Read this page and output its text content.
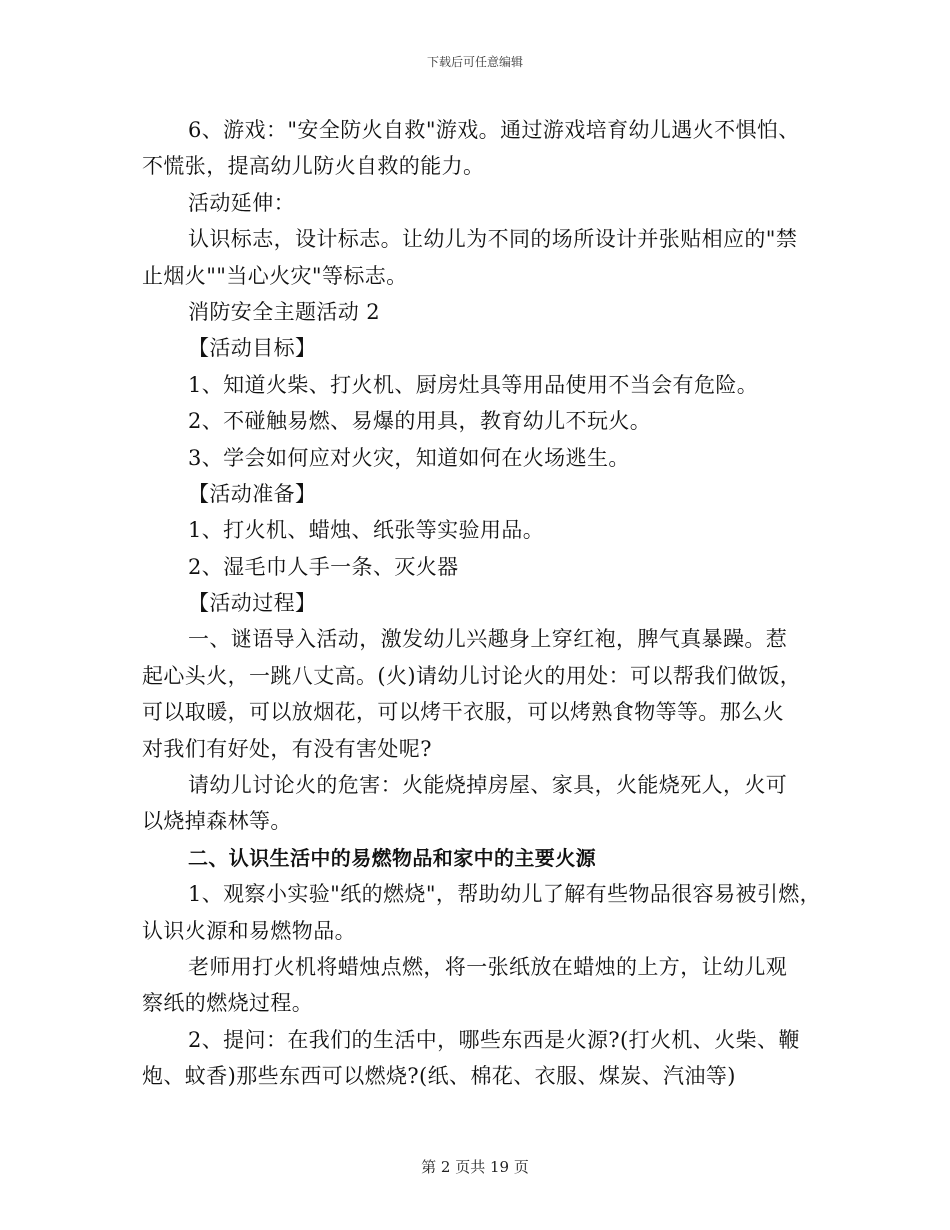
下载后可任意编辑
6、游戏："安全防火自救"游戏。通过游戏培育幼儿遇火不惧怕、
不慌张，提高幼儿防火自救的能力。
活动延伸：
认识标志，设计标志。让幼儿为不同的场所设计并张贴相应的"禁
止烟火""当心火灾"等标志。
消防安全主题活动 2
【活动目标】
1、知道火柴、打火机、厨房灶具等用品使用不当会有危险。
2、不碰触易燃、易爆的用具，教育幼儿不玩火。
3、学会如何应对火灾，知道如何在火场逃生。
【活动准备】
1、打火机、蜡烛、纸张等实验用品。
2、湿毛巾人手一条、灭火器
【活动过程】
一、谜语导入活动，激发幼儿兴趣身上穿红袍，脾气真暴躁。惹
起心头火，一跳八丈高。(火)请幼儿讨论火的用处：可以帮我们做饭，
可以取暖，可以放烟花，可以烤干衣服，可以烤熟食物等等。那么火
对我们有好处，有没有害处呢?
请幼儿讨论火的危害：火能烧掉房屋、家具，火能烧死人，火可
以烧掉森林等。
二、认识生活中的易燃物品和家中的主要火源
1、观察小实验"纸的燃烧"，帮助幼儿了解有些物品很容易被引燃，
认识火源和易燃物品。
老师用打火机将蜡烛点燃，将一张纸放在蜡烛的上方，让幼儿观
察纸的燃烧过程。
2、提问：在我们的生活中，哪些东西是火源?(打火机、火柴、鞭
炮、蚊香)那些东西可以燃烧?(纸、棉花、衣服、煤炭、汽油等)
第 2 页共 19 页
